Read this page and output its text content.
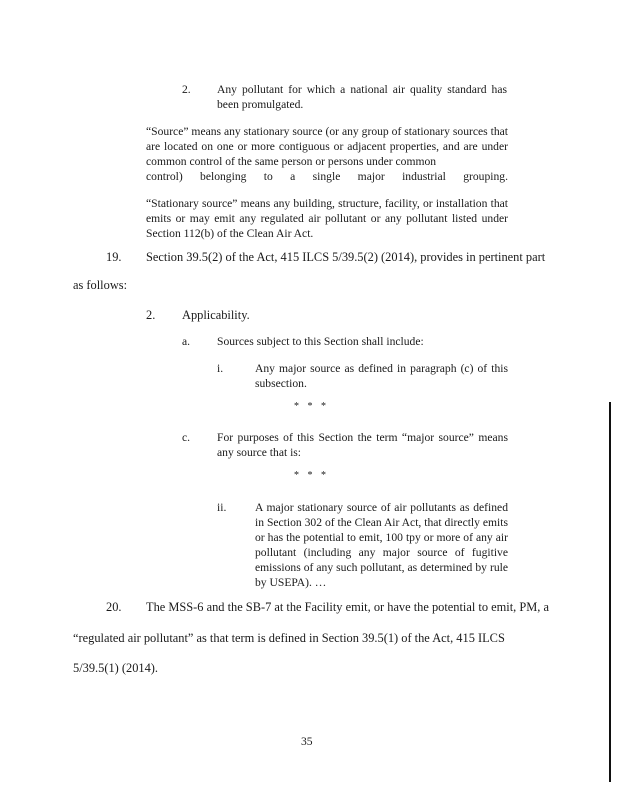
2. Any pollutant for which a national air quality standard has been promulgated.
“Source” means any stationary source (or any group of stationary sources that are located on one or more contiguous or adjacent properties, and are under common control of the same person or persons under common
control) belonging to a single major industrial grouping.
“Stationary source” means any building, structure, facility, or installation that emits or may emit any regulated air pollutant or any pollutant listed under Section 112(b) of the Clean Air Act.
19. Section 39.5(2) of the Act, 415 ILCS 5/39.5(2) (2014), provides in pertinent part
as follows:
2. Applicability.
a. Sources subject to this Section shall include:
i.	Any major source as defined in paragraph (c) of this subsection.
* * *
c. For purposes of this Section the term “major source” means any source that is:
* * *
ii. A major stationary source of air pollutants as defined in Section 302 of the Clean Air Act, that directly emits or has the potential to emit, 100 tpy or more of any air pollutant (including any major source of fugitive emissions of any such pollutant, as determined by rule by USEPA). …
20. The MSS-6 and the SB-7 at the Facility emit, or have the potential to emit, PM, a
“regulated air pollutant” as that term is defined in Section 39.5(1) of the Act, 415 ILCS
5/39.5(1) (2014).
35
